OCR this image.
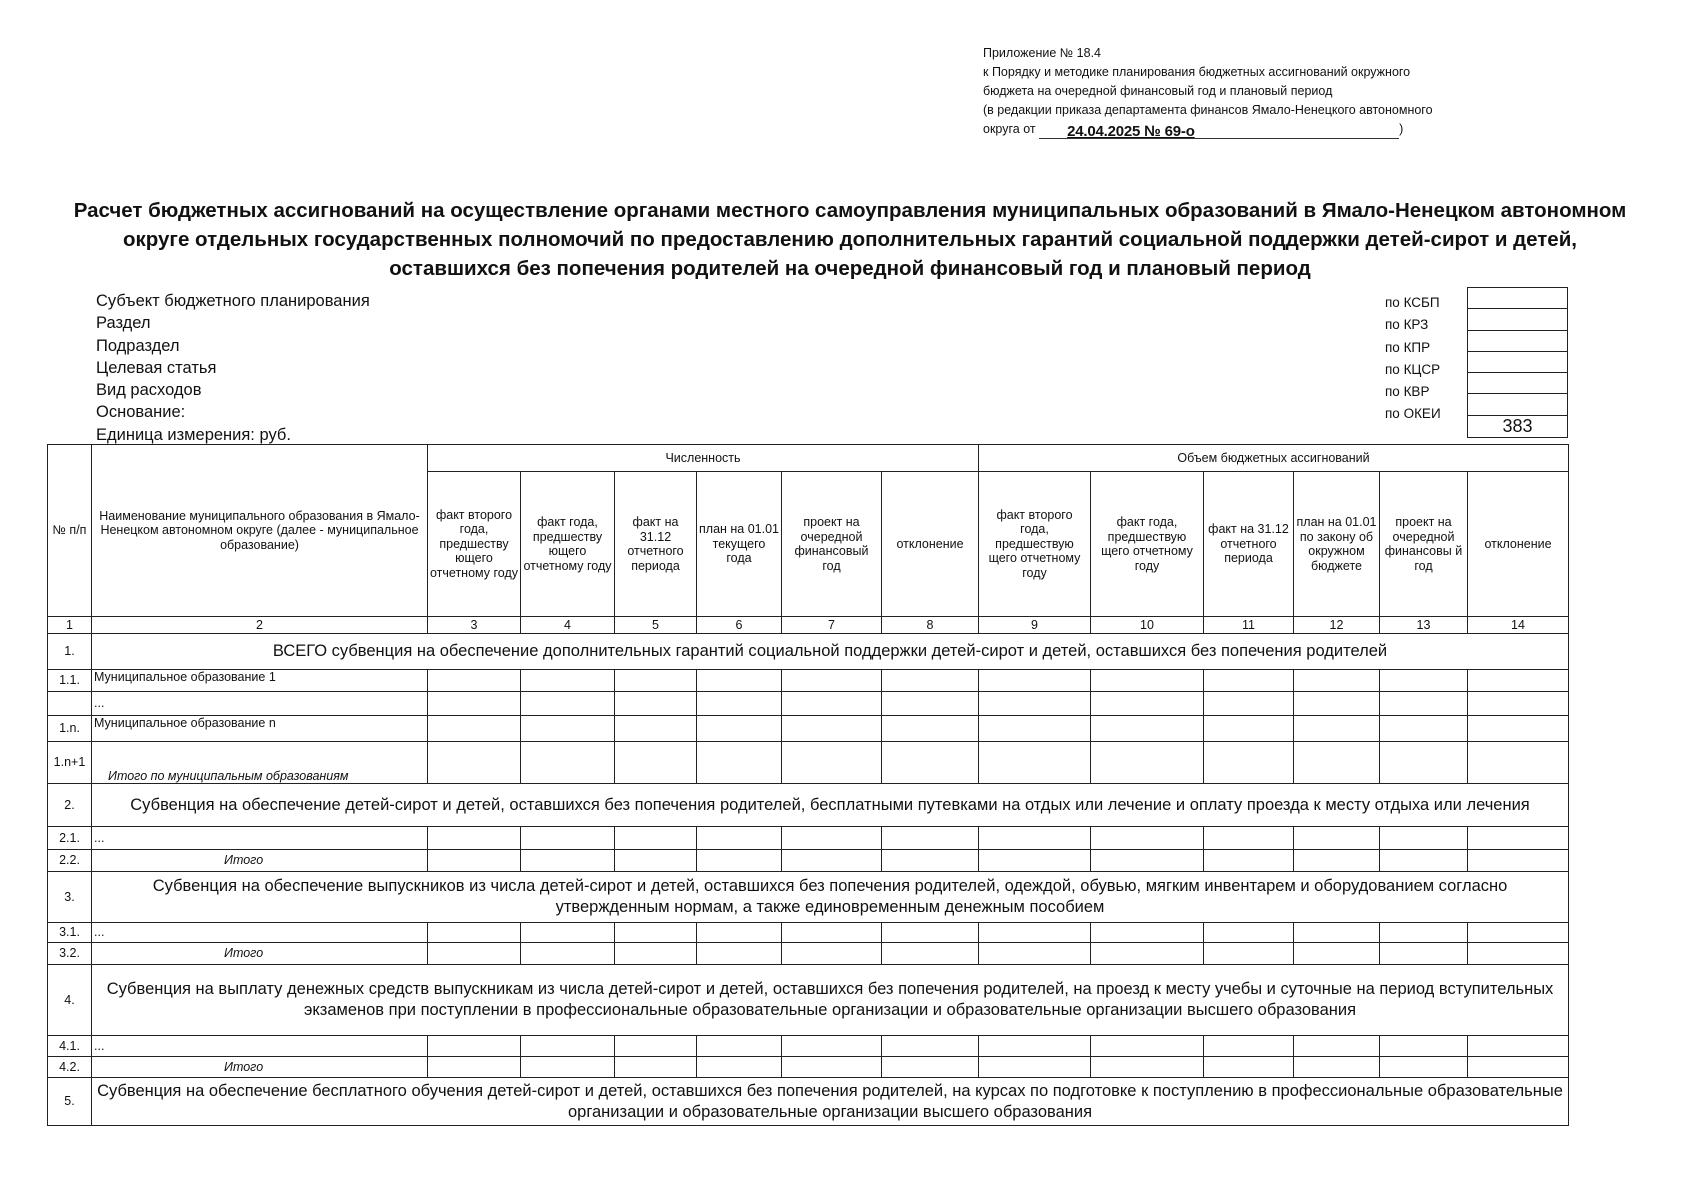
Приложение № 18.4
к Порядку и методике планирования бюджетных ассигнований окружного
бюджета на очередной финансовый год и плановый период
(в редакции приказа департамента финансов Ямало-Ненецкого автономного
округа от 24.04.2025 № 69-о	)
Расчет бюджетных ассигнований на осуществление органами местного самоуправления муниципальных образований в Ямало-Ненецком автономном округе отдельных государственных полномочий по предоставлению дополнительных гарантий социальной поддержки детей-сирот и детей, оставшихся без попечения родителей на очередной финансовый год и плановый период
Субъект бюджетного планирования
Раздел
Подраздел
Целевая статья
Вид расходов
Основание:
Единица измерения: руб.
по КСБП
по КРЗ
по КПР
по КЦСР
по КВР
по ОКЕИ

383
№ п/п	Наименование муниципального образования в Ямало-Ненецком автономном округе (далее - муниципальное образование)	Численность						Объем бюджетных ассигнований					
		факт второго года, предшеству ющего отчетному году	факт года, предшеству ющего отчетному году	факт на 31.12 отчетного периода	план на 01.01 текущего года	проект на очередной финансовый год	отклонение	факт второго года, предшествую щего отчетному году	факт года, предшествую щего отчетному году	факт на 31.12 отчетного периода	план на 01.01 по закону об окружном бюджете	проект на очередной финансовы й год	отклонение
1	2	3	4	5	6	7	8	9	10	11	12	13	14
1.	ВСЕГО субвенция на обеспечение дополнительных гарантий социальной поддержки детей-сирот и детей, оставшихся без попечения родителей												
1.1.	Муниципальное образование 1												
	...												
1.n.	Муниципальное образование n												
1.n+1	Итого по муниципальным образованиям												
2.	Субвенция на обеспечение детей-сирот и детей, оставшихся без попечения родителей, бесплатными путевками на отдых или лечение и оплату проезда к месту отдыха или лечения												
2.1.	...												
2.2.	Итого												
3.	Субвенция на обеспечение выпускников из числа детей-сирот и детей, оставшихся без попечения родителей, одеждой, обувью, мягким инвентарем и оборудованием согласно утвержденным нормам, а также единовременным денежным пособием												
3.1.	...												
3.2.	Итого												
4.	Субвенция на выплату денежных средств выпускникам из числа детей-сирот и детей, оставшихся без попечения родителей, на проезд к месту учебы и суточные на период вступительных экзаменов при поступлении в профессиональные образовательные организации и образовательные организации высшего образования												
4.1.	...												
4.2.	Итого												
5.	Субвенция на обеспечение бесплатного обучения детей-сирот и детей, оставшихся без попечения родителей, на курсах по подготовке к поступлению в профессиональные образовательные организации и образовательные организации высшего образования												
